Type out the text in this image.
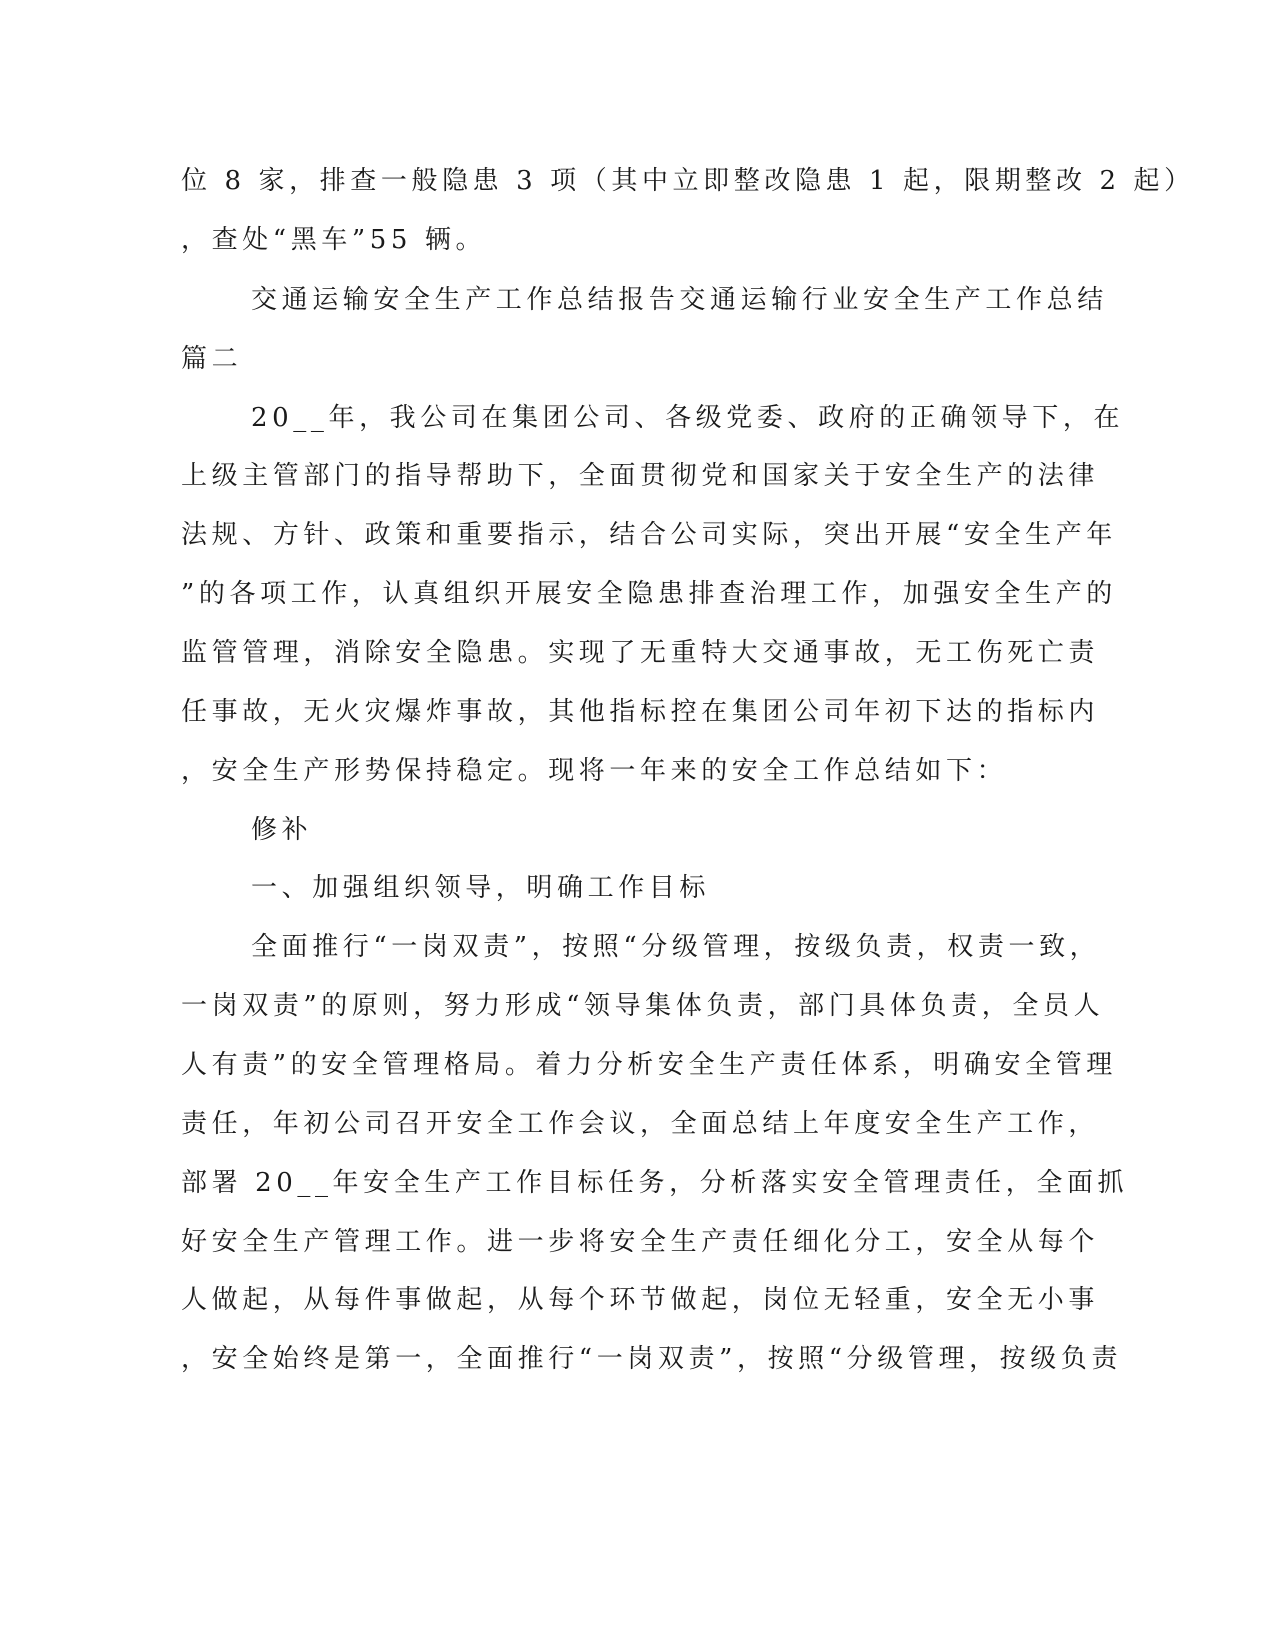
位 8 家，排查一般隐患 3 项（其中立即整改隐患 1 起，限期整改 2 起）
，查处“黑车”55 辆。
交通运输安全生产工作总结报告交通运输行业安全生产工作总结
篇二
20__年，我公司在集团公司、各级党委、政府的正确领导下，在
上级主管部门的指导帮助下，全面贯彻党和国家关于安全生产的法律
法规、方针、政策和重要指示，结合公司实际，突出开展“安全生产年
”的各项工作，认真组织开展安全隐患排查治理工作，加强安全生产的
监管管理，消除安全隐患。实现了无重特大交通事故，无工伤死亡责
任事故，无火灾爆炸事故，其他指标控在集团公司年初下达的指标内
，安全生产形势保持稳定。现将一年来的安全工作总结如下：
修补
一、加强组织领导，明确工作目标
全面推行“一岗双责”，按照“分级管理，按级负责，权责一致，
一岗双责”的原则，努力形成“领导集体负责，部门具体负责，全员人
人有责”的安全管理格局。着力分析安全生产责任体系，明确安全管理
责任，年初公司召开安全工作会议，全面总结上年度安全生产工作，
部署 20__年安全生产工作目标任务，分析落实安全管理责任，全面抓
好安全生产管理工作。进一步将安全生产责任细化分工，安全从每个
人做起，从每件事做起，从每个环节做起，岗位无轻重，安全无小事
，安全始终是第一，全面推行“一岗双责”，按照“分级管理，按级负责
